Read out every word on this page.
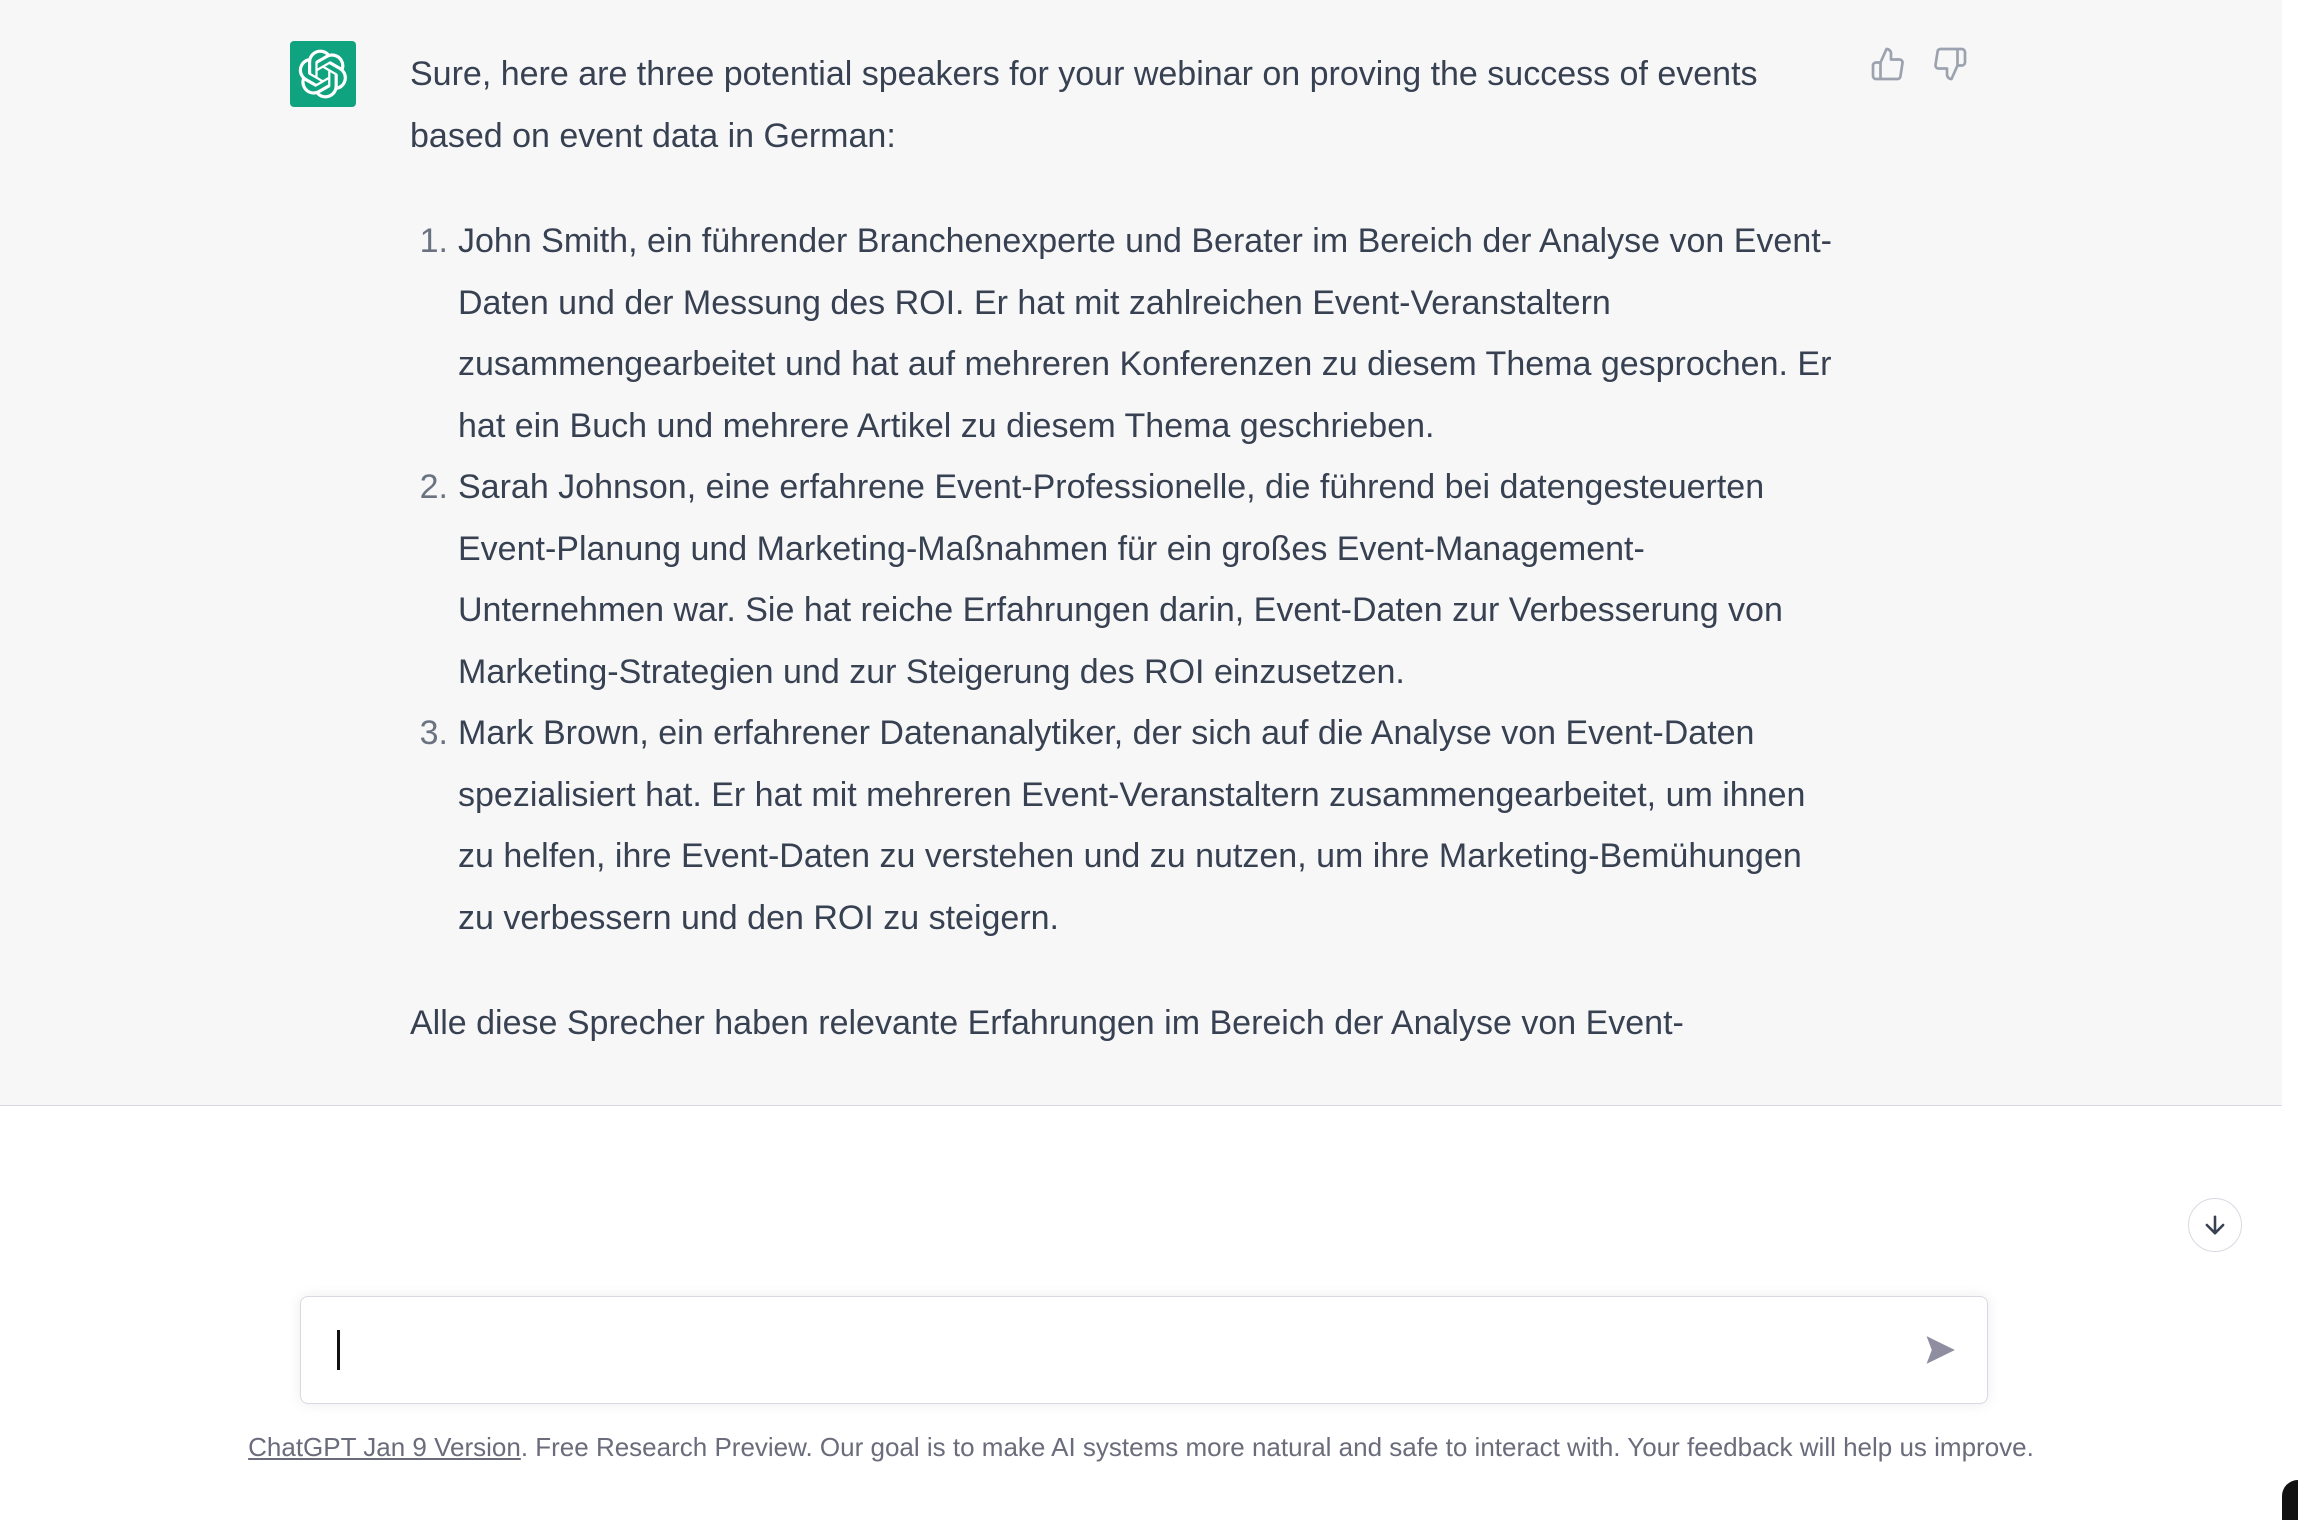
Sure, here are three potential speakers for your webinar on proving the success of events based on event data in German:

1. John Smith, ein führender Branchenexperte und Berater im Bereich der Analyse von Event-Daten und der Messung des ROI. Er hat mit zahlreichen Event-Veranstaltern zusammengearbeitet und hat auf mehreren Konferenzen zu diesem Thema gesprochen. Er hat ein Buch und mehrere Artikel zu diesem Thema geschrieben.
2. Sarah Johnson, eine erfahrene Event-Professionelle, die führend bei datengesteuerten Event-Planung und Marketing-Maßnahmen für ein großes Event-Management-Unternehmen war. Sie hat reiche Erfahrungen darin, Event-Daten zur Verbesserung von Marketing-Strategien und zur Steigerung des ROI einzusetzen.
3. Mark Brown, ein erfahrener Datenanalytiker, der sich auf die Analyse von Event-Daten spezialisiert hat. Er hat mit mehreren Event-Veranstaltern zusammengearbeitet, um ihnen zu helfen, ihre Event-Daten zu verstehen und zu nutzen, um ihre Marketing-Bemühungen zu verbessern und den ROI zu steigern.

Alle diese Sprecher haben relevante Erfahrungen im Bereich der Analyse von Event-

ChatGPT Jan 9 Version. Free Research Preview. Our goal is to make AI systems more natural and safe to interact with. Your feedback will help us improve.
